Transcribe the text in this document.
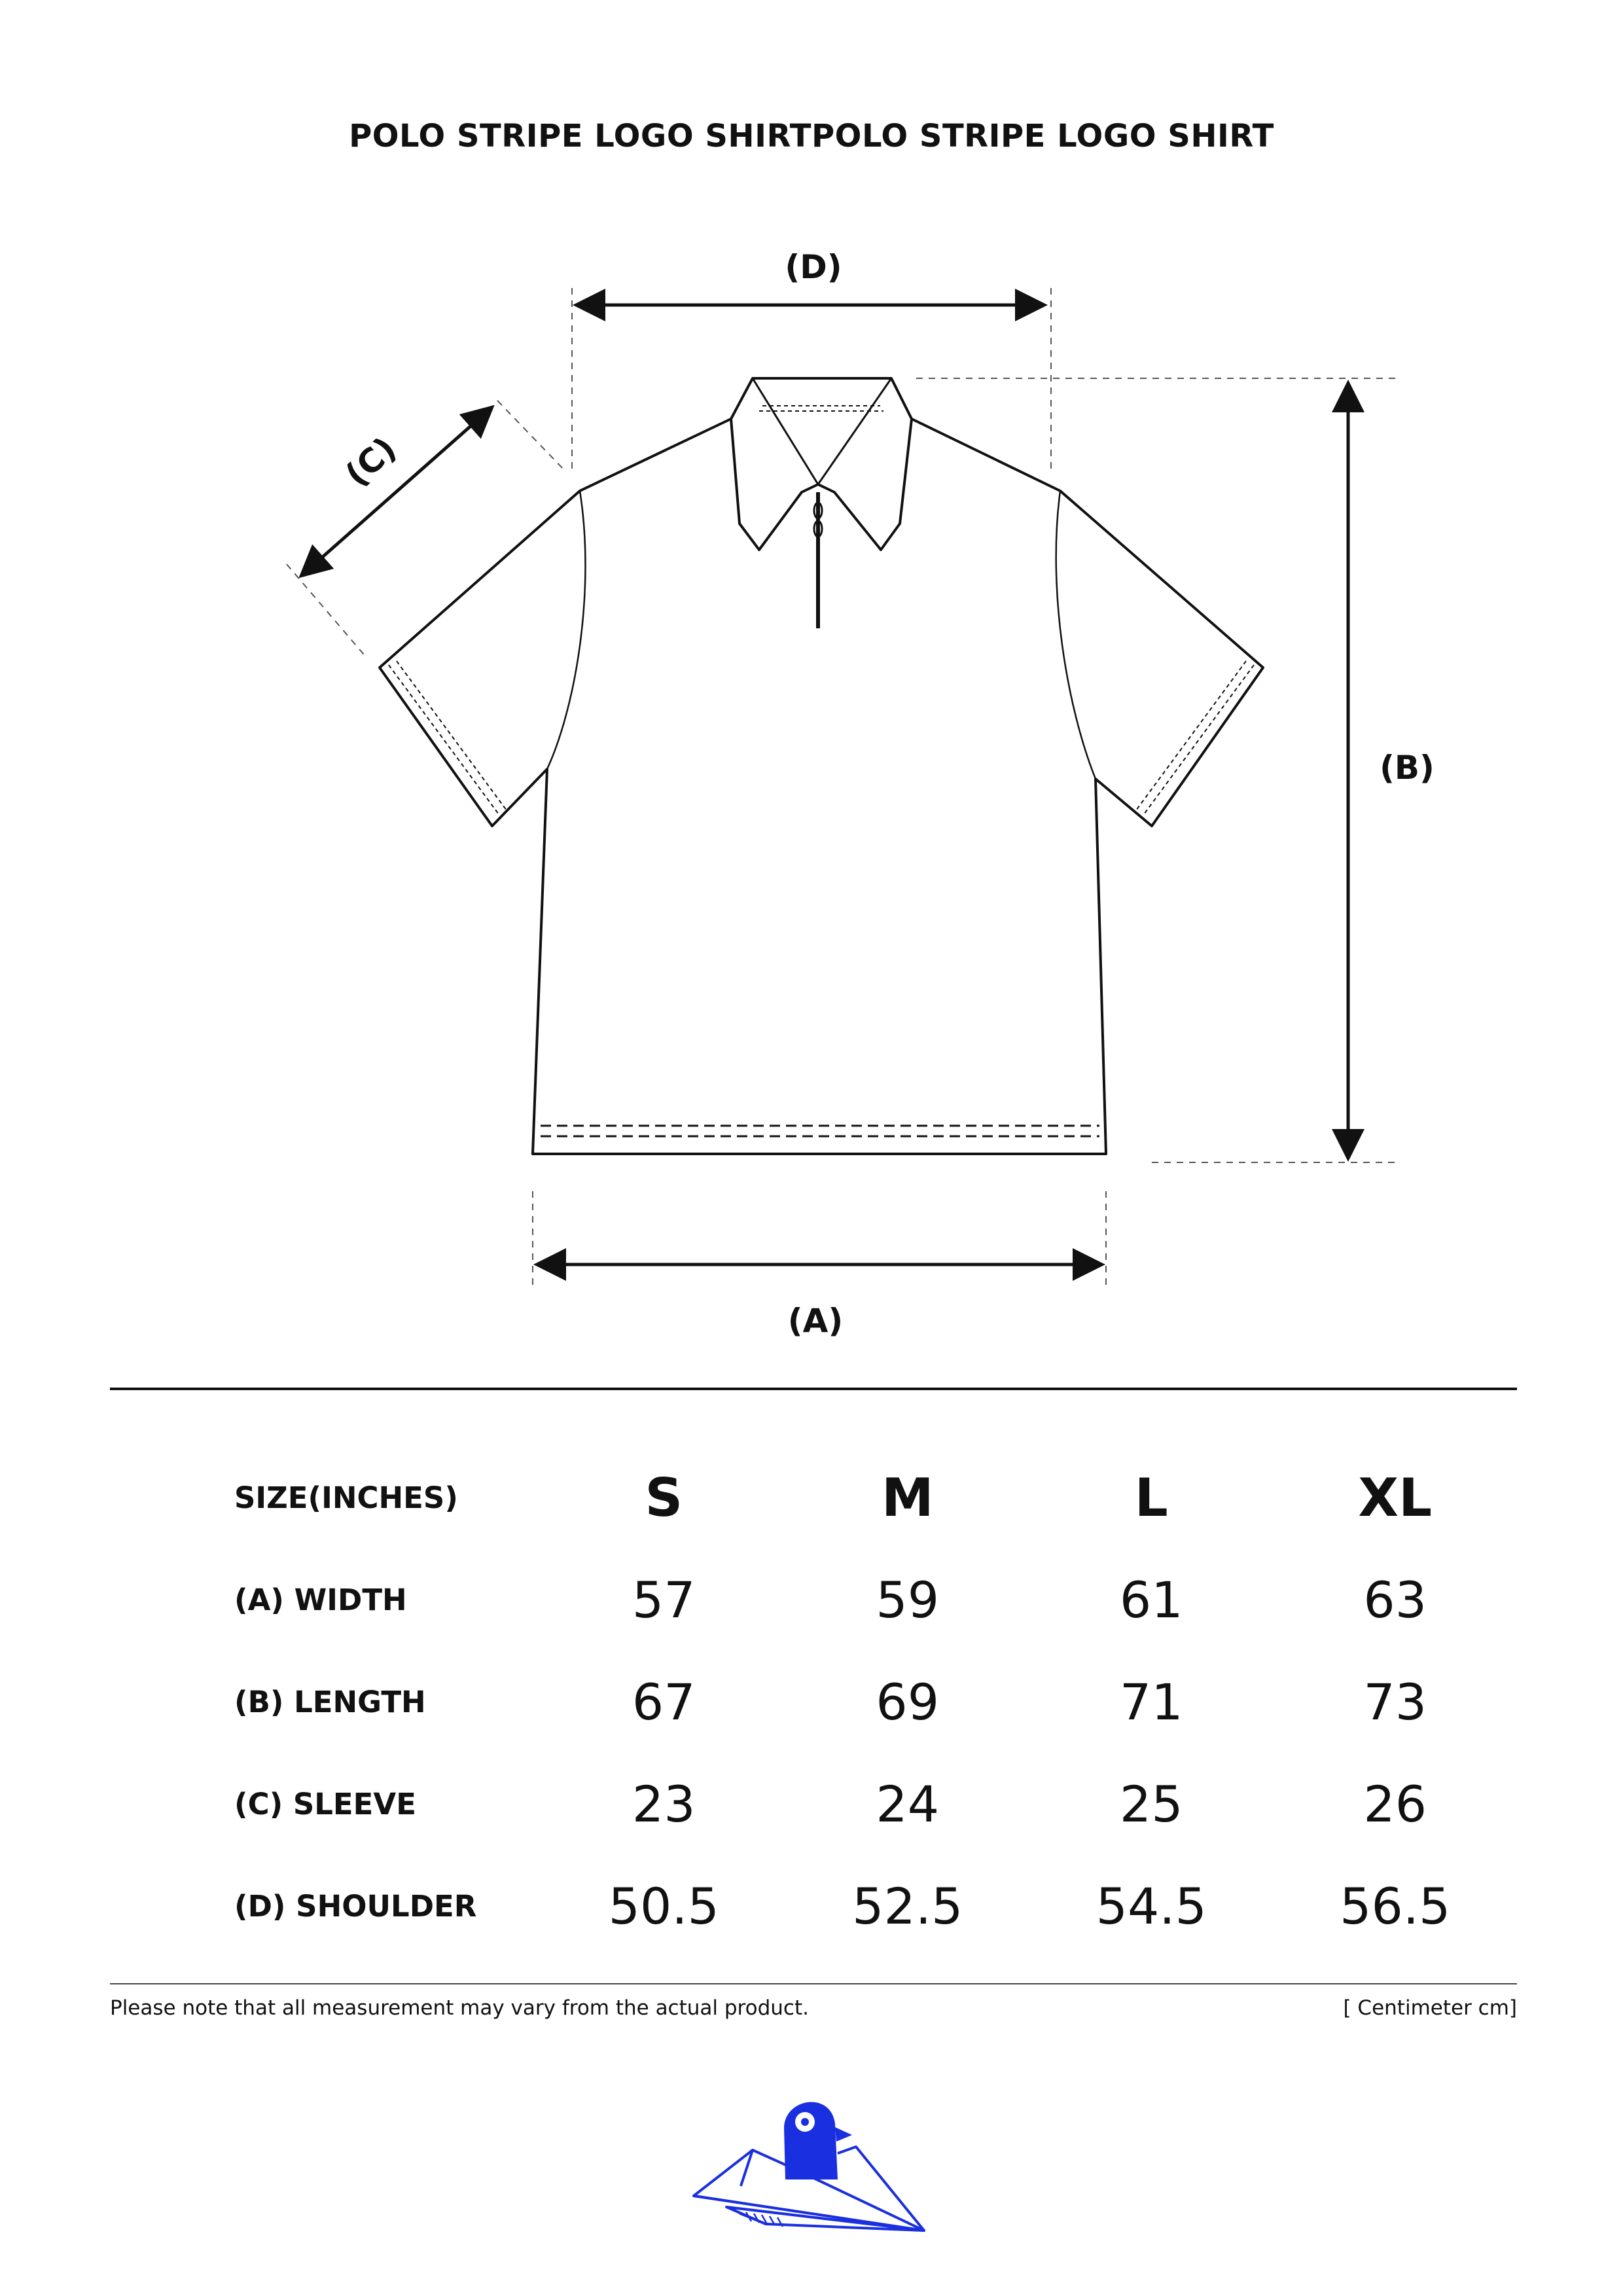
POLO STRIPE LOGO SHIRTPOLO STRIPE LOGO SHIRT
(D)
(B)
(A)
(C)
SIZE(INCHES)	S	M	L	XL
(A) WIDTH	57	59	61	63
(B) LENGTH	67	69	71	73
(C) SLEEVE	23	24	25	26
(D) SHOULDER	50.5	52.5	54.5	56.5
Please note that all measurement may vary from the actual product.	[ Centimeter cm]
